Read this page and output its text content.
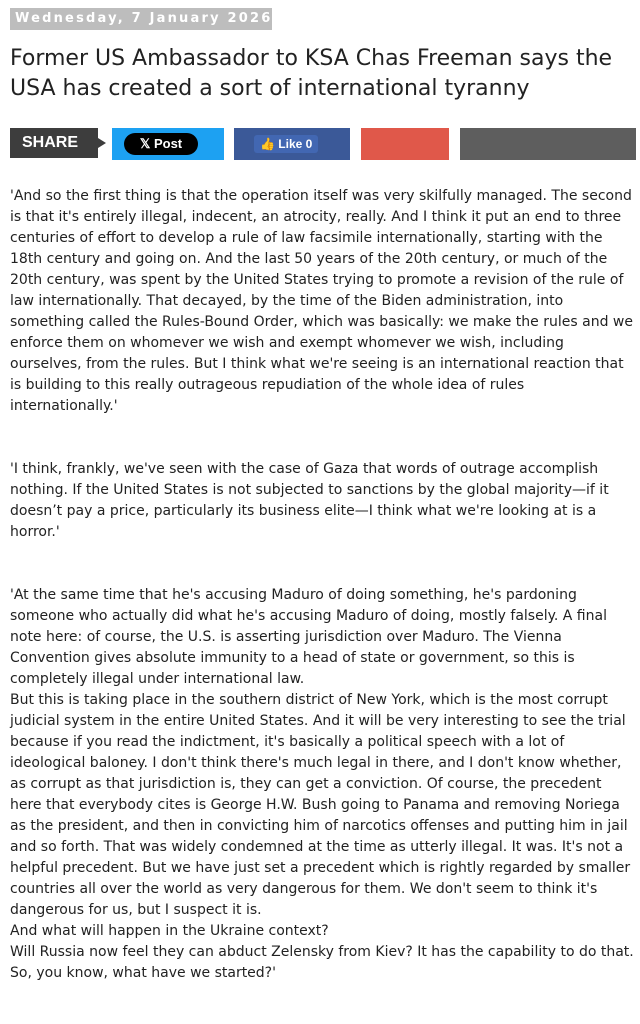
Wednesday, 7 January 2026
Former US Ambassador to KSA Chas Freeman says the USA has created a sort of international tyranny
SHARE	𝕏 Post	👍 Like 0

'And so the first thing is that the operation itself was very skilfully managed. The second is that it's entirely illegal, indecent, an atrocity, really. And I think it put an end to three centuries of effort to develop a rule of law facsimile internationally, starting with the 18th century and going on. And the last 50 years of the 20th century, or much of the 20th century, was spent by the United States trying to promote a revision of the rule of law internationally. That decayed, by the time of the Biden administration, into something called the Rules-Bound Order, which was basically: we make the rules and we enforce them on whomever we wish and exempt whomever we wish, including ourselves, from the rules. But I think what we're seeing is an international reaction that is building to this really outrageous repudiation of the whole idea of rules internationally.'

'I think, frankly, we've seen with the case of Gaza that words of outrage accomplish nothing. If the United States is not subjected to sanctions by the global majority—if it doesn’t pay a price, particularly its business elite—I think what we're looking at is a horror.'

'At the same time that he's accusing Maduro of doing something, he's pardoning someone who actually did what he's accusing Maduro of doing, mostly falsely. A final note here: of course, the U.S. is asserting jurisdiction over Maduro. The Vienna Convention gives absolute immunity to a head of state or government, so this is completely illegal under international law.

But this is taking place in the southern district of New York, which is the most corrupt judicial system in the entire United States. And it will be very interesting to see the trial because if you read the indictment, it's basically a political speech with a lot of ideological baloney. I don't think there's much legal in there, and I don't know whether, as corrupt as that jurisdiction is, they can get a conviction. Of course, the precedent here that everybody cites is George H.W. Bush going to Panama and removing Noriega as the president, and then in convicting him of narcotics offenses and putting him in jail and so forth. That was widely condemned at the time as utterly illegal. It was. It's not a helpful precedent. But we have just set a precedent which is rightly regarded by smaller countries all over the world as very dangerous for them. We don't seem to think it's dangerous for us, but I suspect it is.

And what will happen in the Ukraine context?

Will Russia now feel they can abduct Zelensky from Kiev? It has the capability to do that. So, you know, what have we started?'
